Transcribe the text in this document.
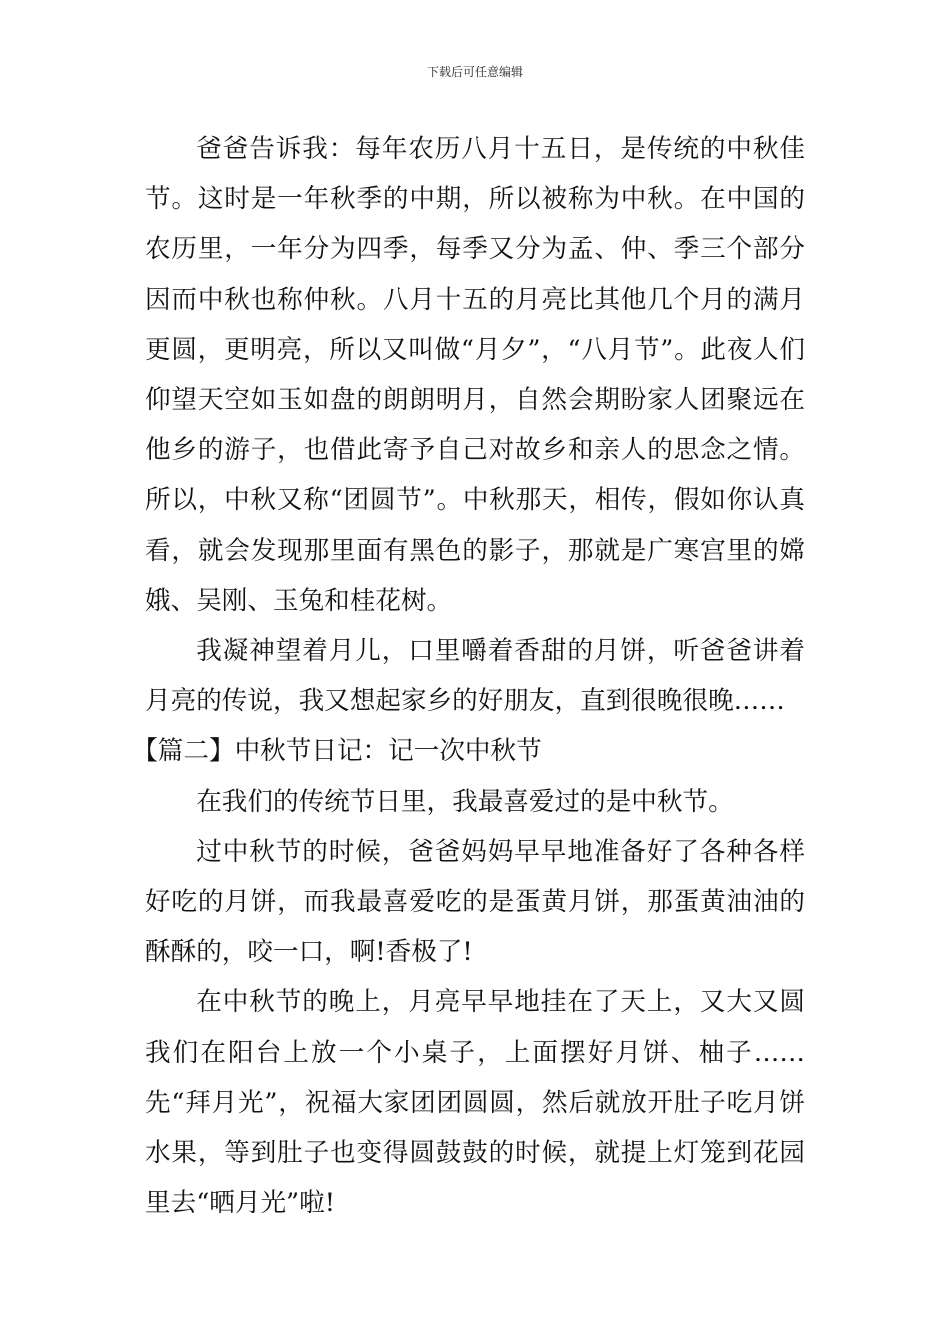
下载后可任意编辑

爸爸告诉我：每年农历八月十五日，是传统的中秋佳节。这时是一年秋季的中期，所以被称为中秋。在中国的农历里，一年分为四季，每季又分为孟、仲、季三个部分因而中秋也称仲秋。八月十五的月亮比其他几个月的满月更圆，更明亮，所以又叫做“月夕”，“八月节”。此夜人们仰望天空如玉如盘的朗朗明月，自然会期盼家人团聚远在他乡的游子，也借此寄予自己对故乡和亲人的思念之情。所以，中秋又称“团圆节”。中秋那天，相传，假如你认真看，就会发现那里面有黑色的影子，那就是广寒宫里的嫦娥、吴刚、玉兔和桂花树。

我凝神望着月儿，口里嚼着香甜的月饼，听爸爸讲着月亮的传说，我又想起家乡的好朋友，直到很晚很晚……

【篇二】中秋节日记：记一次中秋节

在我们的传统节日里，我最喜爱过的是中秋节。

过中秋节的时候，爸爸妈妈早早地准备好了各种各样好吃的月饼，而我最喜爱吃的是蛋黄月饼，那蛋黄油油的酥酥的，咬一口，啊!香极了!

在中秋节的晚上，月亮早早地挂在了天上，又大又圆我们在阳台上放一个小桌子，上面摆好月饼、柚子……先“拜月光”，祝福大家团团圆圆，然后就放开肚子吃月饼水果，等到肚子也变得圆鼓鼓的时候，就提上灯笼到花园里去“晒月光”啦!
